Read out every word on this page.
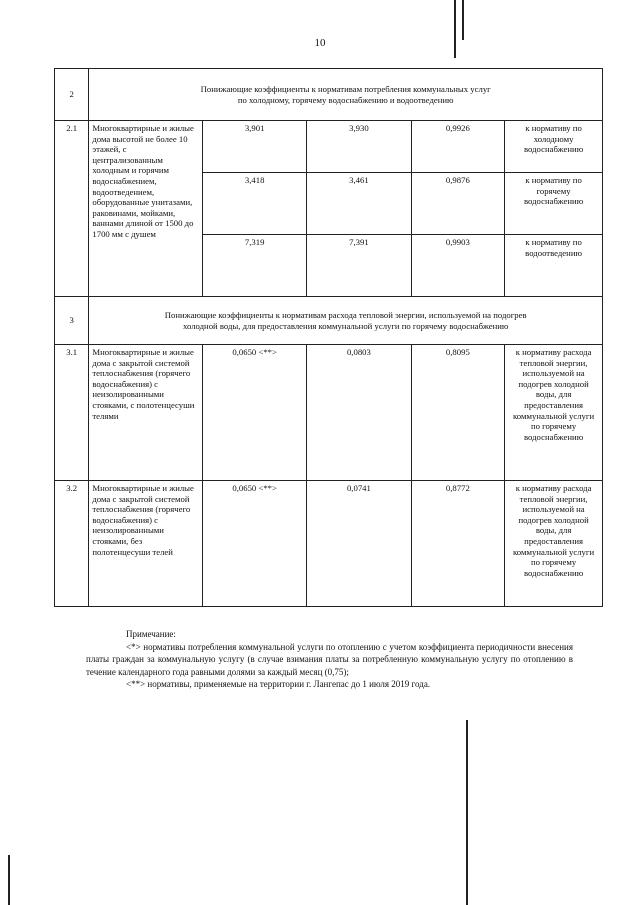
10
2	Понижающие коэффициенты к нормативам потребления коммунальных услуг
по холодному, горячему водоснабжению и водоотведению				

2.1	Многоквартирные и жилые дома высотой не более 10 этажей, с централизованным холодным и горячим водоснабжением, водоотведением, оборудованные унитазами, раковинами, мойками, ваннами длиной от 1500 до 1700 мм с душем	3,901	3,930	0,9926	к нормативу по холодному водоснабжению
		3,418	3,461	0,9876	к нормативу по горячему водоснабжению
		7,319	7,391	0,9903	к нормативу по водоотведению
3	Понижающие коэффициенты к нормативам расхода тепловой энергии, используемой на подогрев
холодной воды, для предоставления коммунальной услуги по горячему водоснабжению				

3.1	Многоквартирные и жилые дома с закрытой системой теплоснабжения (горячего водоснабжения) с неизолированными стояками, с полотенцесуши телями	0,0650 <**>	0,0803	0,8095	к нормативу расхода тепловой энергии, используемой на подогрев холодной воды, для предоставления коммунальной услуги по горячему водоснабжению
3.2	Многоквартирные и жилые дома с закрытой системой теплоснабжения (горячего водоснабжения) с неизолированными стояками, без полотенцесуши телей	0,0650 <**>	0,0741	0,8772	к нормативу расхода тепловой энергии, используемой на подогрев холодной воды, для предоставления коммунальной услуги по горячему водоснабжению

Примечание:

<*> нормативы потребления коммунальной услуги по отоплению с учетом коэффициента периодичности внесения платы граждан за коммунальную услугу (в случае взимания платы за потребленную коммунальную услугу по отоплению в течение календарного года равными долями за каждый месяц (0,75);

<**> нормативы, применяемые на территории г. Лангепас до 1 июля 2019 года.
